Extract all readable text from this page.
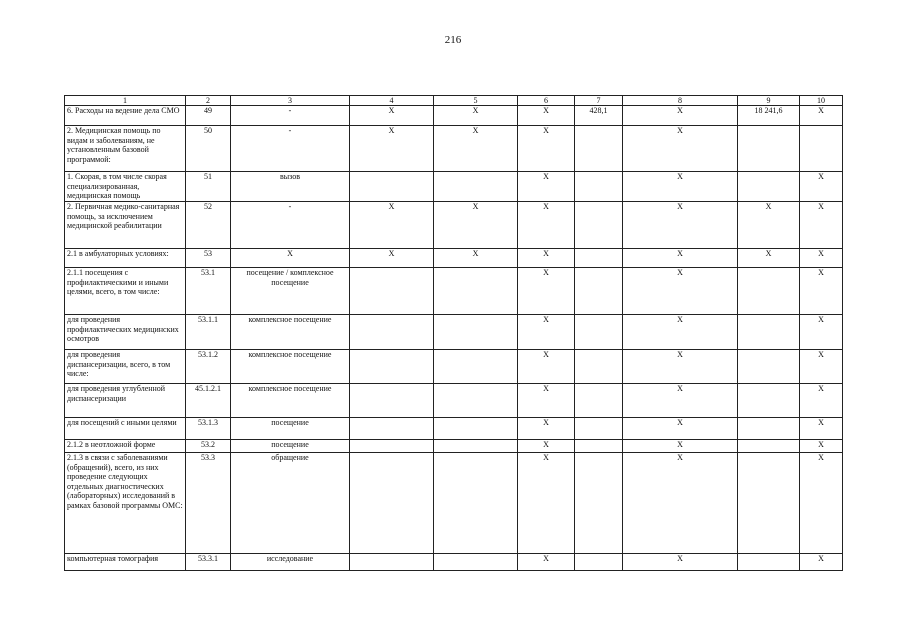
216
1	2	3	4	5	6	7	8	9	10
6. Расходы на ведение дела СМО	49	-	Х	Х	Х	428,1	Х	18 241,6	Х
2. Медицинская помощь по видам и заболеваниям, не установленным базовой программой:	50	-	Х	Х	Х		Х		
1. Скорая, в том числе скорая специализированная, медицинская помощь	51	вызов			Х		Х		Х
2. Первичная медико-санитарная помощь, за исключением медицинской реабилитации	52	-	Х	Х	Х		Х	Х	Х
2.1 в амбулаторных условиях:	53	Х	Х	Х	Х		Х	Х	Х
2.1.1 посещения с профилактическими и иными целями, всего, в том числе:	53.1	посещение / комплексное посещение			Х		Х		Х
для проведения профилактических медицинских осмотров	53.1.1	комплексное посещение			Х		Х		Х
для проведения диспансеризации, всего, в том числе:	53.1.2	комплексное посещение			Х		Х		Х
для проведения углубленной диспансеризации	45.1.2.1	комплексное посещение			Х		Х		Х
для посещений с иными целями	53.1.3	посещение			Х		Х		Х
2.1.2 в неотложной форме	53.2	посещение			Х		Х		Х
2.1.3 в связи с заболеваниями (обращений), всего, из них проведение следующих отдельных диагностических (лабораторных) исследований в рамках базовой программы ОМС:	53.3	обращение			Х		Х		Х
компьютерная томография	53.3.1	исследование			Х		Х		Х
